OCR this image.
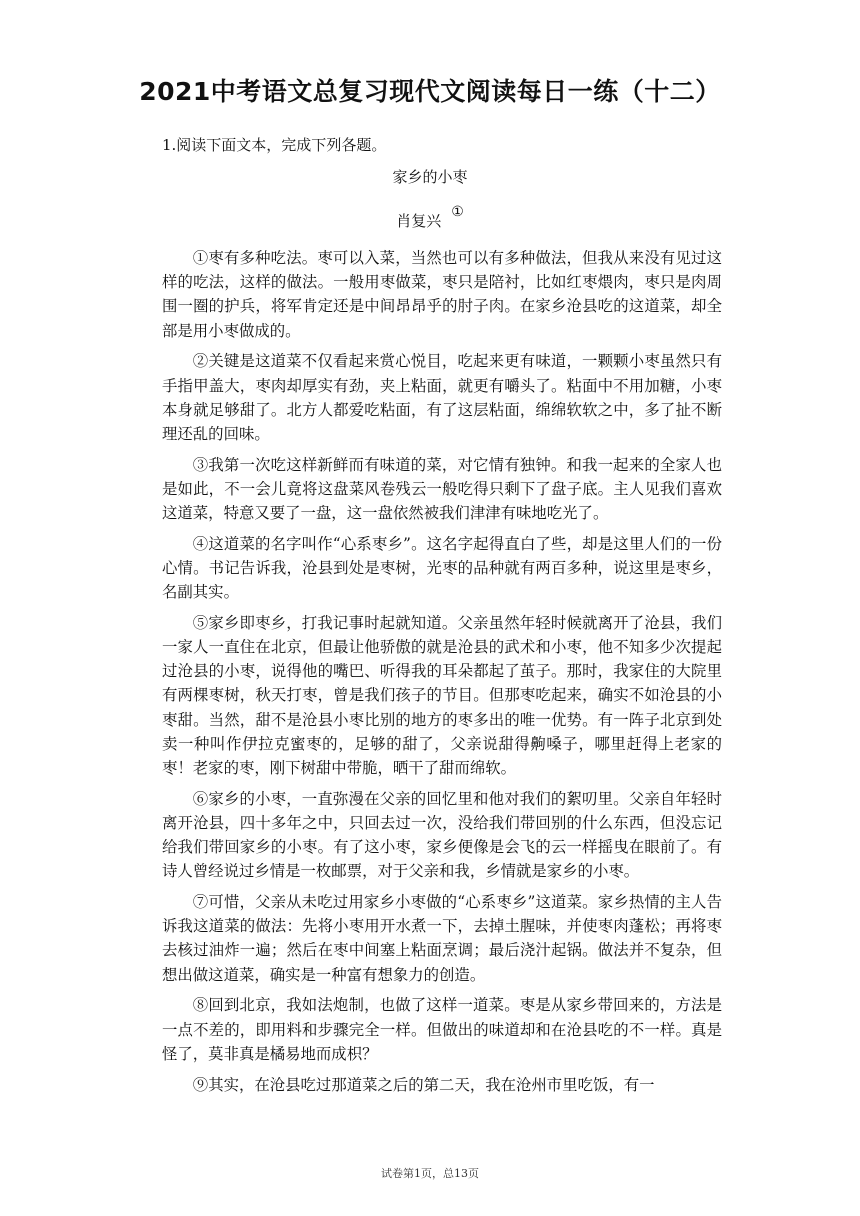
2021中考语文总复习现代文阅读每日一练（十二）
1.阅读下面文本，完成下列各题。
家乡的小枣
肖复兴 ①

①枣有多种吃法。枣可以入菜，当然也可以有多种做法，但我从来没有见过这样的吃法，这样的做法。一般用枣做菜，枣只是陪衬，比如红枣煨肉，枣只是肉周围一圈的护兵，将军肯定还是中间昂昂乎的肘子肉。在家乡沧县吃的这道菜，却全部是用小枣做成的。

②关键是这道菜不仅看起来赏心悦目，吃起来更有味道，一颗颗小枣虽然只有手指甲盖大，枣肉却厚实有劲，夹上粘面，就更有嚼头了。粘面中不用加糖，小枣本身就足够甜了。北方人都爱吃粘面，有了这层粘面，绵绵软软之中，多了扯不断理还乱的回味。

③我第一次吃这样新鲜而有味道的菜，对它情有独钟。和我一起来的全家人也是如此，不一会儿竟将这盘菜风卷残云一般吃得只剩下了盘子底。主人见我们喜欢这道菜，特意又要了一盘，这一盘依然被我们津津有味地吃光了。

④这道菜的名字叫作“心系枣乡”。这名字起得直白了些，却是这里人们的一份心情。书记告诉我，沧县到处是枣树，光枣的品种就有两百多种，说这里是枣乡，名副其实。

⑤家乡即枣乡，打我记事时起就知道。父亲虽然年轻时候就离开了沧县，我们一家人一直住在北京，但最让他骄傲的就是沧县的武术和小枣，他不知多少次提起过沧县的小枣，说得他的嘴巴、听得我的耳朵都起了茧子。那时，我家住的大院里有两棵枣树，秋天打枣，曾是我们孩子的节目。但那枣吃起来，确实不如沧县的小枣甜。当然，甜不是沧县小枣比别的地方的枣多出的唯一优势。有一阵子北京到处卖一种叫作伊拉克蜜枣的，足够的甜了，父亲说甜得齁嗓子，哪里赶得上老家的枣！老家的枣，刚下树甜中带脆，晒干了甜而绵软。

⑥家乡的小枣，一直弥漫在父亲的回忆里和他对我们的絮叨里。父亲自年轻时离开沧县，四十多年之中，只回去过一次，没给我们带回别的什么东西，但没忘记给我们带回家乡的小枣。有了这小枣，家乡便像是会飞的云一样摇曳在眼前了。有诗人曾经说过乡情是一枚邮票，对于父亲和我，乡情就是家乡的小枣。

⑦可惜，父亲从未吃过用家乡小枣做的“心系枣乡”这道菜。家乡热情的主人告诉我这道菜的做法：先将小枣用开水煮一下，去掉土腥味，并使枣肉蓬松；再将枣去核过油炸一遍；然后在枣中间塞上粘面烹调；最后浇汁起锅。做法并不复杂，但想出做这道菜，确实是一种富有想象力的创造。

⑧回到北京，我如法炮制，也做了这样一道菜。枣是从家乡带回来的，方法是一点不差的，即用料和步骤完全一样。但做出的味道却和在沧县吃的不一样。真是怪了，莫非真是橘易地而成枳？

⑨其实，在沧县吃过那道菜之后的第二天，我在沧州市里吃饭，有一

试卷第1页，总13页
